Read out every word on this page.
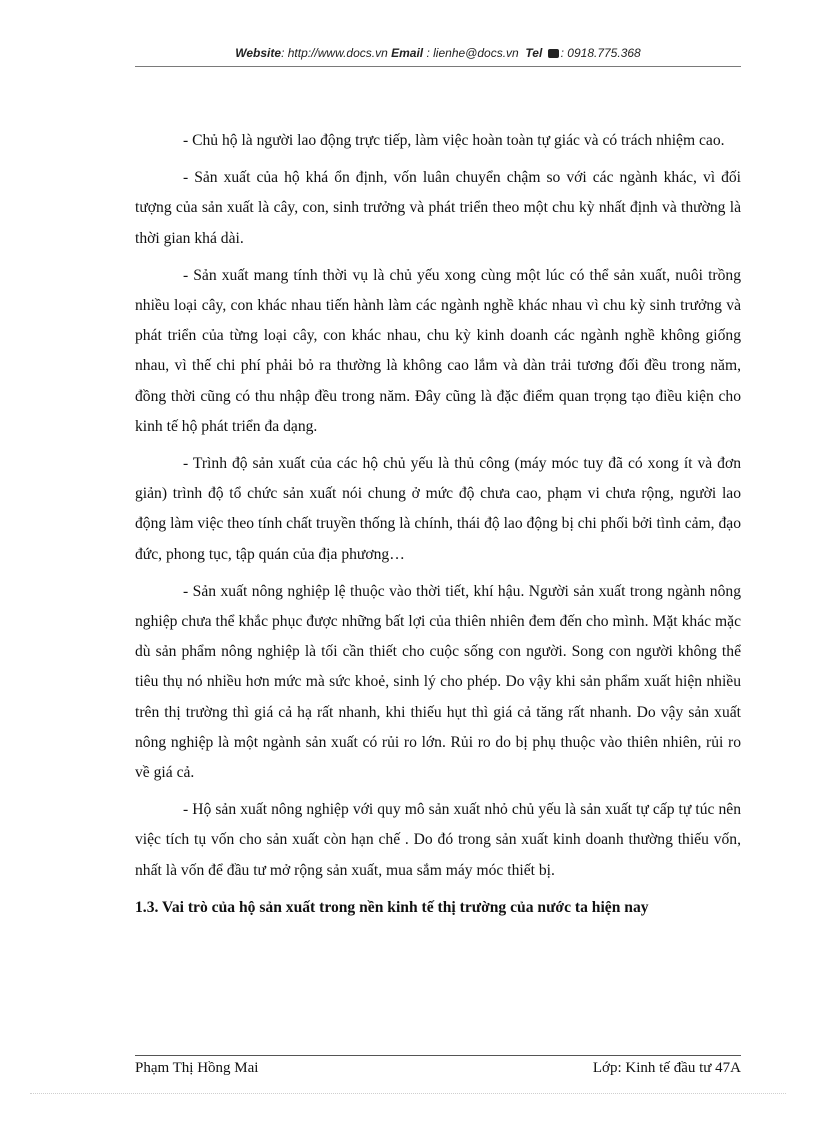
Website: http://www.docs.vn Email : lienhe@docs.vn Tel : 0918.775.368

- Chủ hộ là người lao động trực tiếp, làm việc hoàn toàn tự giác và có trách nhiệm cao.

- Sản xuất của hộ khá ổn định, vốn luân chuyển chậm so với các ngành khác, vì đối tượng của sản xuất là cây, con, sinh trưởng và phát triển theo một chu kỳ nhất định và thường là thời gian khá dài.

- Sản xuất mang tính thời vụ là chủ yếu xong cùng một lúc có thể sản xuất, nuôi trồng nhiều loại cây, con khác nhau tiến hành làm các ngành nghề khác nhau vì chu kỳ sinh trưởng và phát triển của từng loại cây, con khác nhau, chu kỳ kinh doanh các ngành nghề không giống nhau, vì thế chi phí phải bỏ ra thường là không cao lắm và dàn trải tương đối đều trong năm, đồng thời cũng có thu nhập đều trong năm. Đây cũng là đặc điểm quan trọng tạo điều kiện cho kinh tế hộ phát triển đa dạng.

- Trình độ sản xuất của các hộ chủ yếu là thủ công (máy móc tuy đã có xong ít và đơn giản) trình độ tổ chức sản xuất nói chung ở mức độ chưa cao, phạm vi chưa rộng, người lao động làm việc theo tính chất truyền thống là chính, thái độ lao động bị chi phối bởi tình cảm, đạo đức, phong tục, tập quán của địa phương…

- Sản xuất nông nghiệp lệ thuộc vào thời tiết, khí hậu. Người sản xuất trong ngành nông nghiệp chưa thể khắc phục được những bất lợi của thiên nhiên đem đến cho mình. Mặt khác mặc dù sản phẩm nông nghiệp là tối cần thiết cho cuộc sống con người. Song con người không thể tiêu thụ nó nhiều hơn mức mà sức khoẻ, sinh lý cho phép. Do vậy khi sản phẩm xuất hiện nhiều trên thị trường thì giá cả hạ rất nhanh, khi thiếu hụt thì giá cả tăng rất nhanh. Do vậy sản xuất nông nghiệp là một ngành sản xuất có rủi ro lớn. Rủi ro do bị phụ thuộc vào thiên nhiên, rủi ro về giá cả.

- Hộ sản xuất nông nghiệp với quy mô sản xuất nhỏ chủ yếu là sản xuất tự cấp tự túc nên việc tích tụ vốn cho sản xuất còn hạn chế . Do đó trong sản xuất kinh doanh thường thiếu vốn, nhất là vốn để đầu tư mở rộng sản xuất, mua sắm máy móc thiết bị.

1.3. Vai trò của hộ sản xuất trong nền kinh tế thị trường của nước ta hiện nay
Phạm Thị Hồng Mai	Lớp: Kinh tế đầu tư 47A
